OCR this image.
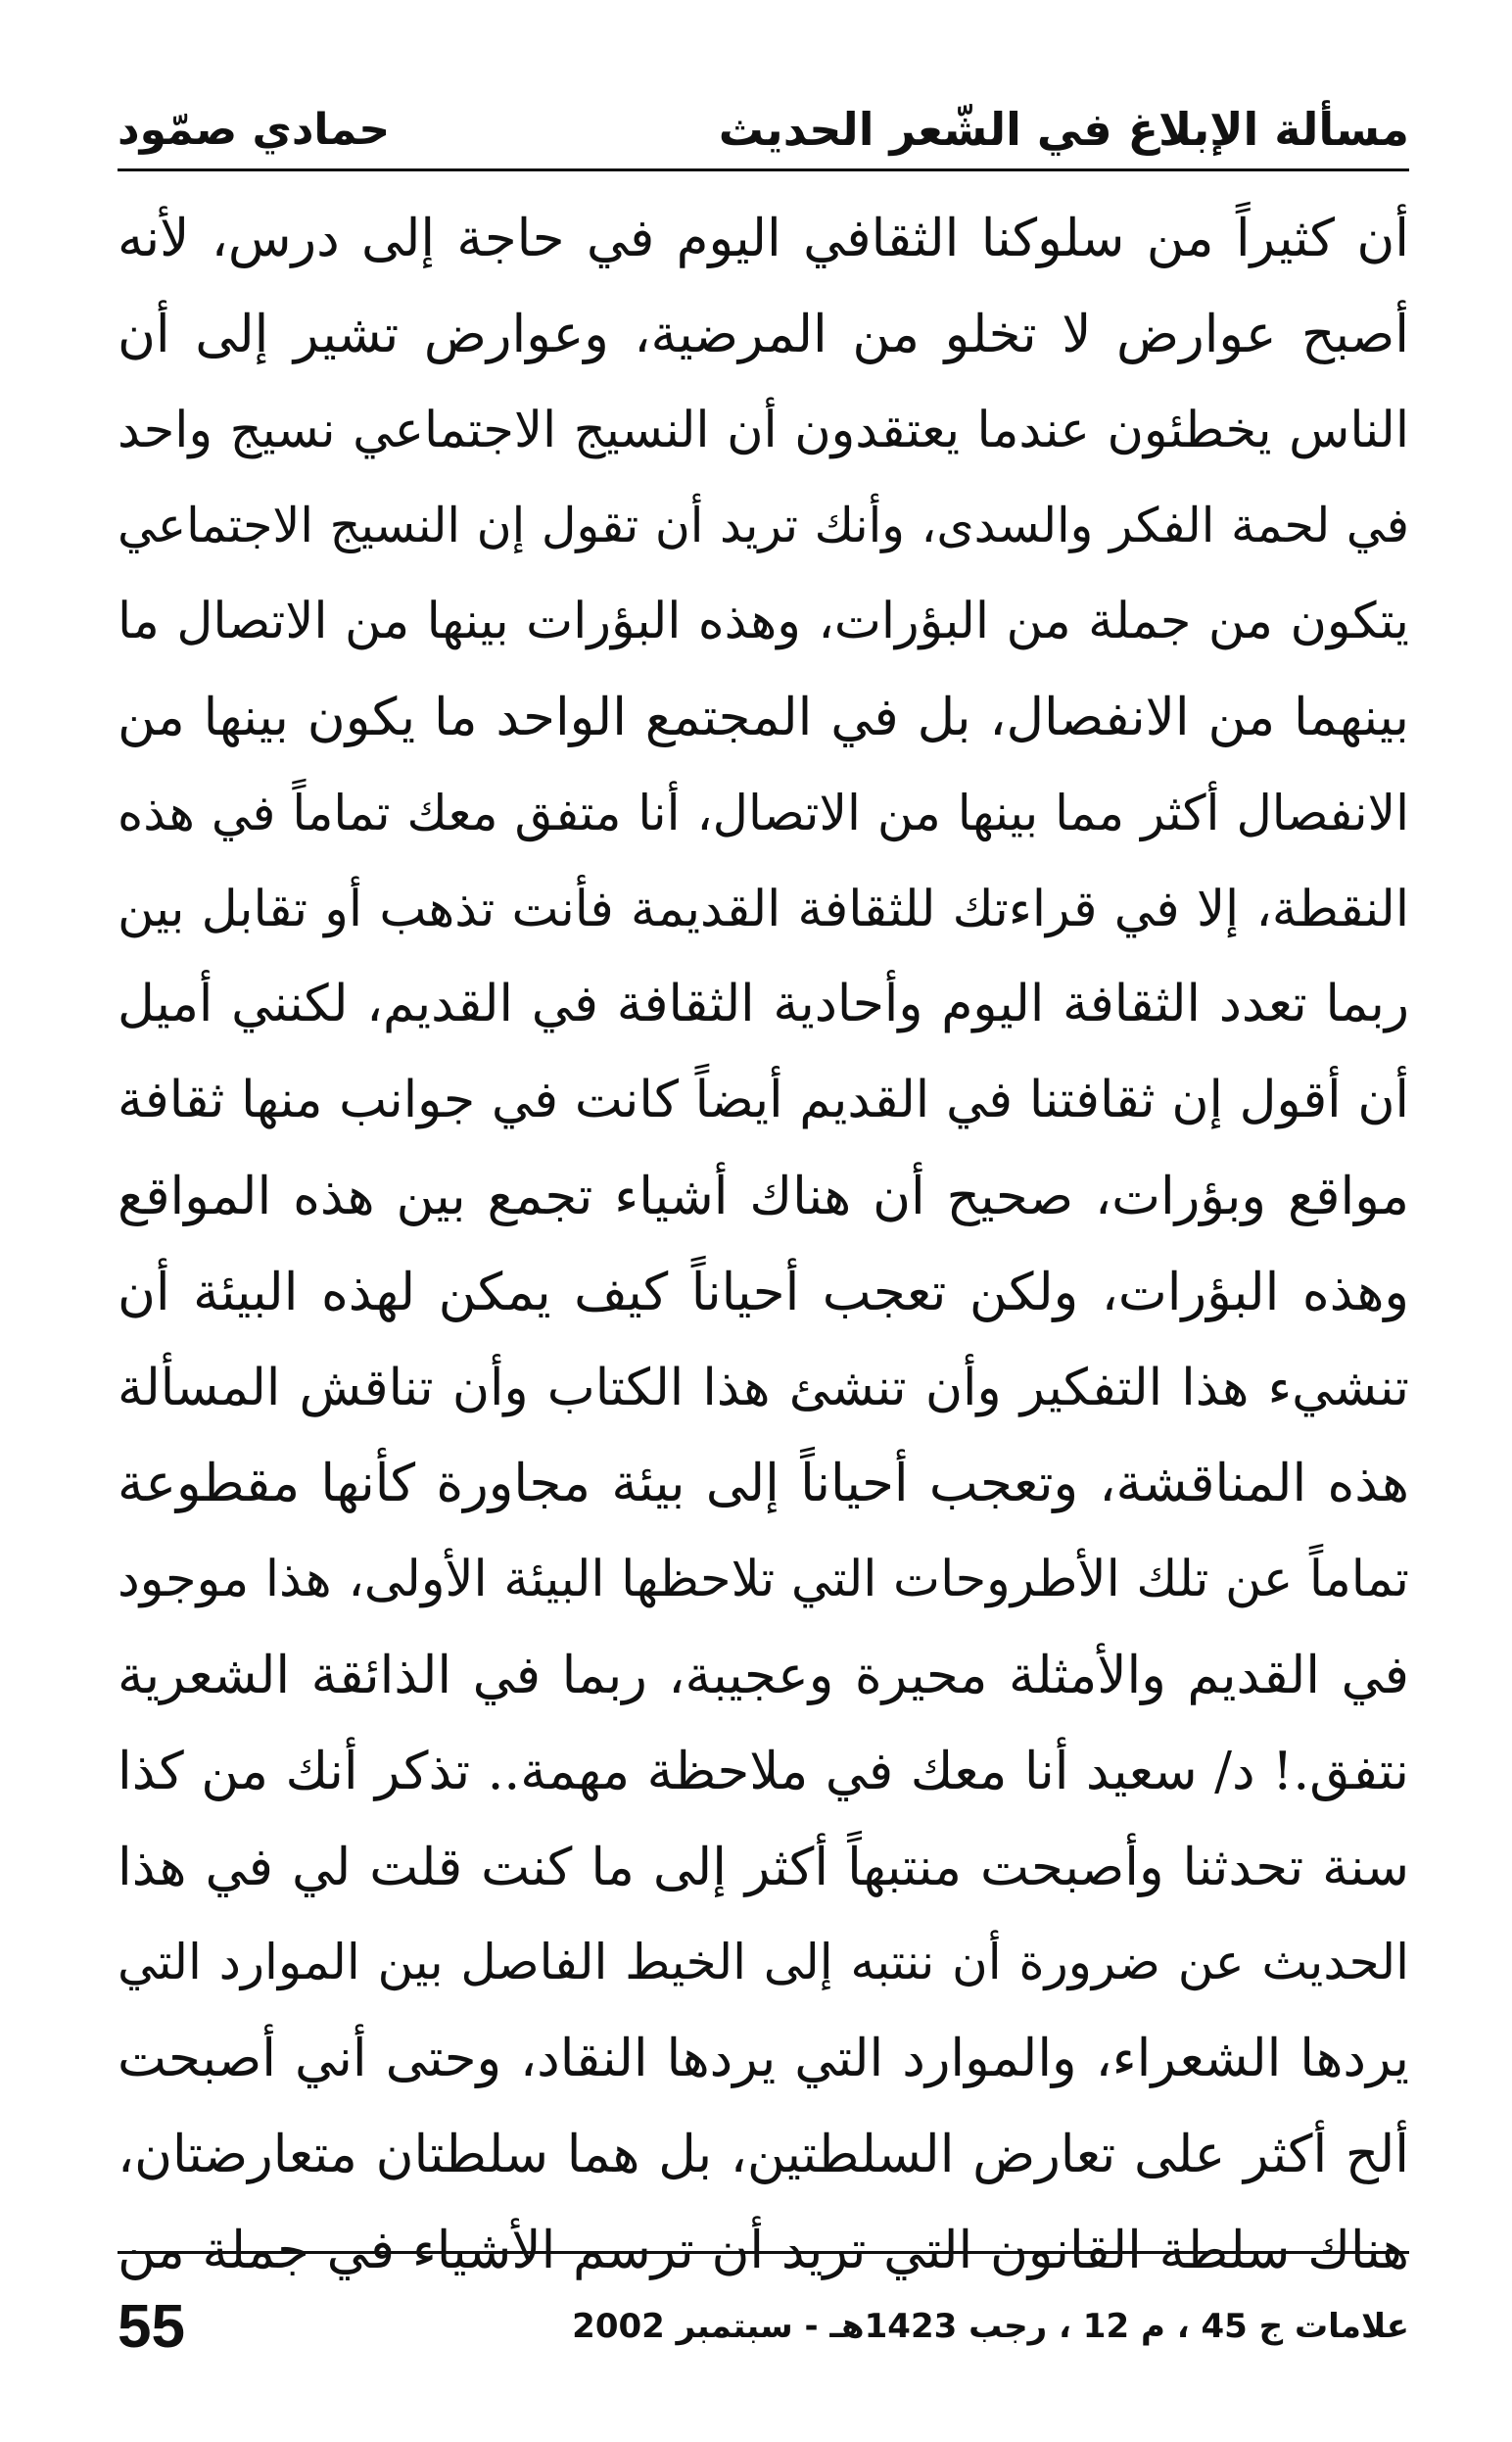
مسألة الإبلاغ في الشّعر الحديث
حمادي صمّود
أن كثيراً من سلوكنا الثقافي اليوم في حاجة إلى درس، لأنه
أصبح عوارض لا تخلو من المرضية، وعوارض تشير إلى أن
الناس يخطئون عندما يعتقدون أن النسيج الاجتماعي نسيج واحد
في لحمة الفكر والسدى، وأنك تريد أن تقول إن النسيج الاجتماعي
يتكون من جملة من البؤرات، وهذه البؤرات بينها من الاتصال ما
بينهما من الانفصال، بل في المجتمع الواحد ما يكون بينها من
الانفصال أكثر مما بينها من الاتصال، أنا متفق معك تماماً في هذه
النقطة، إلا في قراءتك للثقافة القديمة فأنت تذهب أو تقابل بين
ربما تعدد الثقافة اليوم وأحادية الثقافة في القديم، لكنني أميل
أن أقول إن ثقافتنا في القديم أيضاً كانت في جوانب منها ثقافة
مواقع وبؤرات، صحيح أن هناك أشياء تجمع بين هذه المواقع
وهذه البؤرات، ولكن تعجب أحياناً كيف يمكن لهذه البيئة أن
تنشيء هذا التفكير وأن تنشئ هذا الكتاب وأن تناقش المسألة
هذه المناقشة، وتعجب أحياناً إلى بيئة مجاورة كأنها مقطوعة
تماماً عن تلك الأطروحات التي تلاحظها البيئة الأولى، هذا موجود
في القديم والأمثلة محيرة وعجيبة، ربما في الذائقة الشعرية
نتفق.! د/ سعيد أنا معك في ملاحظة مهمة.. تذكر أنك من كذا
سنة تحدثنا وأصبحت منتبهاً أكثر إلى ما كنت قلت لي في هذا
الحديث عن ضرورة أن ننتبه إلى الخيط الفاصل بين الموارد التي
يردها الشعراء، والموارد التي يردها النقاد، وحتى أني أصبحت
ألح أكثر على تعارض السلطتين، بل هما سلطتان متعارضتان،
هناك سلطة القانون التي تريد أن ترسم الأشياء في جملة من
علامات ج 45 ، م 12 ، رجب 1423هـ - سبتمبر 2002
55
